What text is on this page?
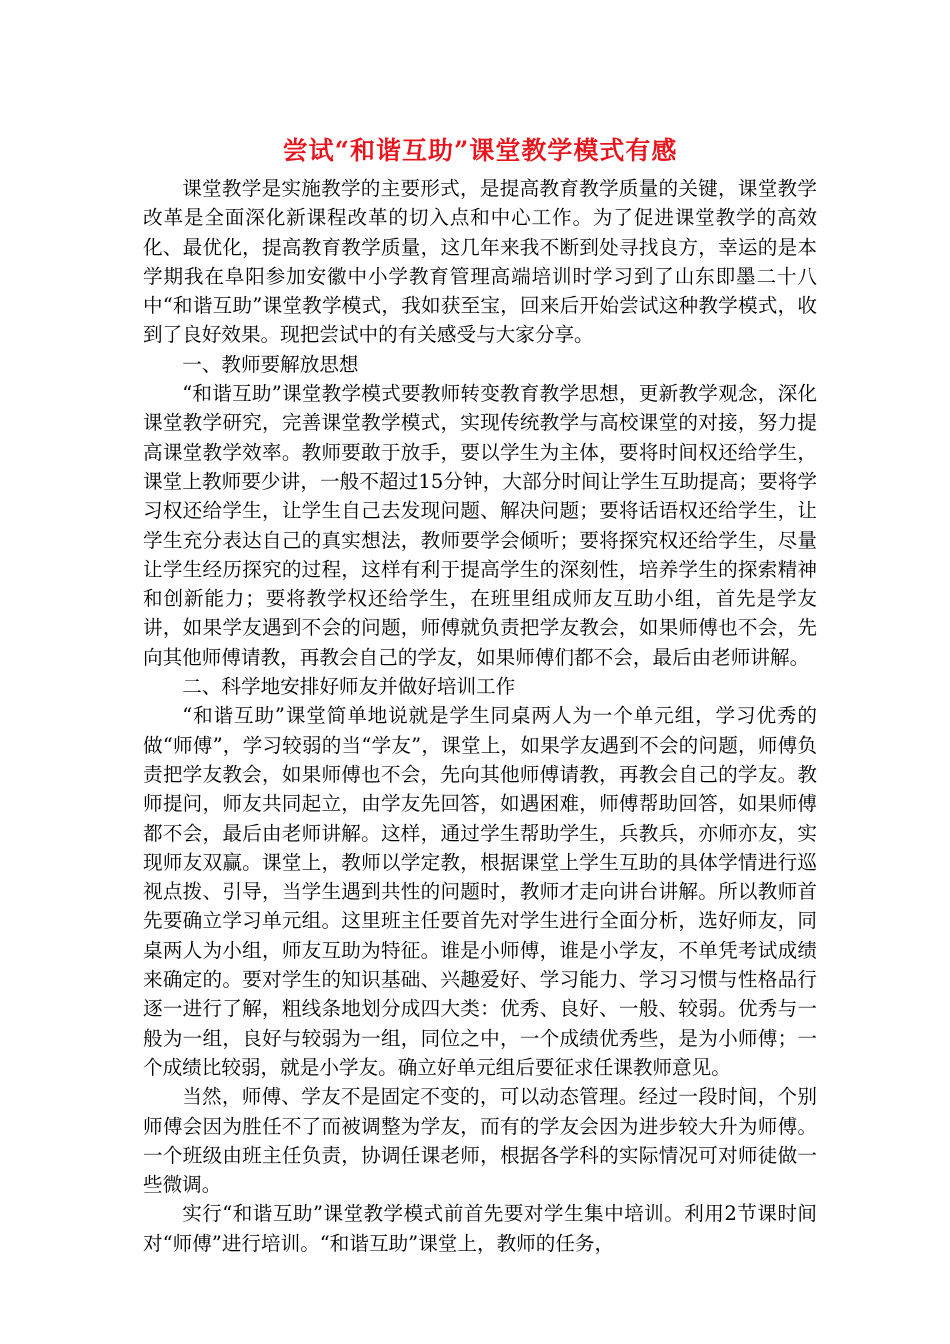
尝试“和谐互助”课堂教学模式有感

课堂教学是实施教学的主要形式，是提高教育教学质量的关键，课堂教学改革是全面深化新课程改革的切入点和中心工作。为了促进课堂教学的高效化、最优化，提高教育教学质量，这几年来我不断到处寻找良方，幸运的是本学期我在阜阳参加安徽中小学教育管理高端培训时学习到了山东即墨二十八中“和谐互助”课堂教学模式，我如获至宝，回来后开始尝试这种教学模式，收到了良好效果。现把尝试中的有关感受与大家分享。

一、教师要解放思想

“和谐互助”课堂教学模式要教师转变教育教学思想，更新教学观念，深化课堂教学研究，完善课堂教学模式，实现传统教学与高校课堂的对接，努力提高课堂教学效率。教师要敢于放手，要以学生为主体，要将时间权还给学生，课堂上教师要少讲，一般不超过15分钟，大部分时间让学生互助提高；要将学习权还给学生，让学生自己去发现问题、解决问题；要将话语权还给学生，让学生充分表达自己的真实想法，教师要学会倾听；要将探究权还给学生，尽量让学生经历探究的过程，这样有利于提高学生的深刻性，培养学生的探索精神和创新能力；要将教学权还给学生，在班里组成师友互助小组，首先是学友讲，如果学友遇到不会的问题，师傅就负责把学友教会，如果师傅也不会，先向其他师傅请教，再教会自己的学友，如果师傅们都不会，最后由老师讲解。

二、科学地安排好师友并做好培训工作

“和谐互助”课堂简单地说就是学生同桌两人为一个单元组，学习优秀的做“师傅”，学习较弱的当“学友”，课堂上，如果学友遇到不会的问题，师傅负责把学友教会，如果师傅也不会，先向其他师傅请教，再教会自己的学友。教师提问，师友共同起立，由学友先回答，如遇困难，师傅帮助回答，如果师傅都不会，最后由老师讲解。这样，通过学生帮助学生，兵教兵，亦师亦友，实现师友双赢。课堂上，教师以学定教，根据课堂上学生互助的具体学情进行巡视点拨、引导，当学生遇到共性的问题时，教师才走向讲台讲解。所以教师首先要确立学习单元组。这里班主任要首先对学生进行全面分析，选好师友，同桌两人为小组，师友互助为特征。谁是小师傅，谁是小学友，不单凭考试成绩来确定的。要对学生的知识基础、兴趣爱好、学习能力、学习习惯与性格品行逐一进行了解，粗线条地划分成四大类：优秀、良好、一般、较弱。优秀与一般为一组，良好与较弱为一组，同位之中，一个成绩优秀些，是为小师傅；一个成绩比较弱，就是小学友。确立好单元组后要征求任课教师意见。

当然，师傅、学友不是固定不变的，可以动态管理。经过一段时间，个别师傅会因为胜任不了而被调整为学友，而有的学友会因为进步较大升为师傅。一个班级由班主任负责，协调任课老师，根据各学科的实际情况可对师徒做一些微调。

实行“和谐互助”课堂教学模式前首先要对学生集中培训。利用2节课时间对“师傅”进行培训。“和谐互助”课堂上，教师的任务，
